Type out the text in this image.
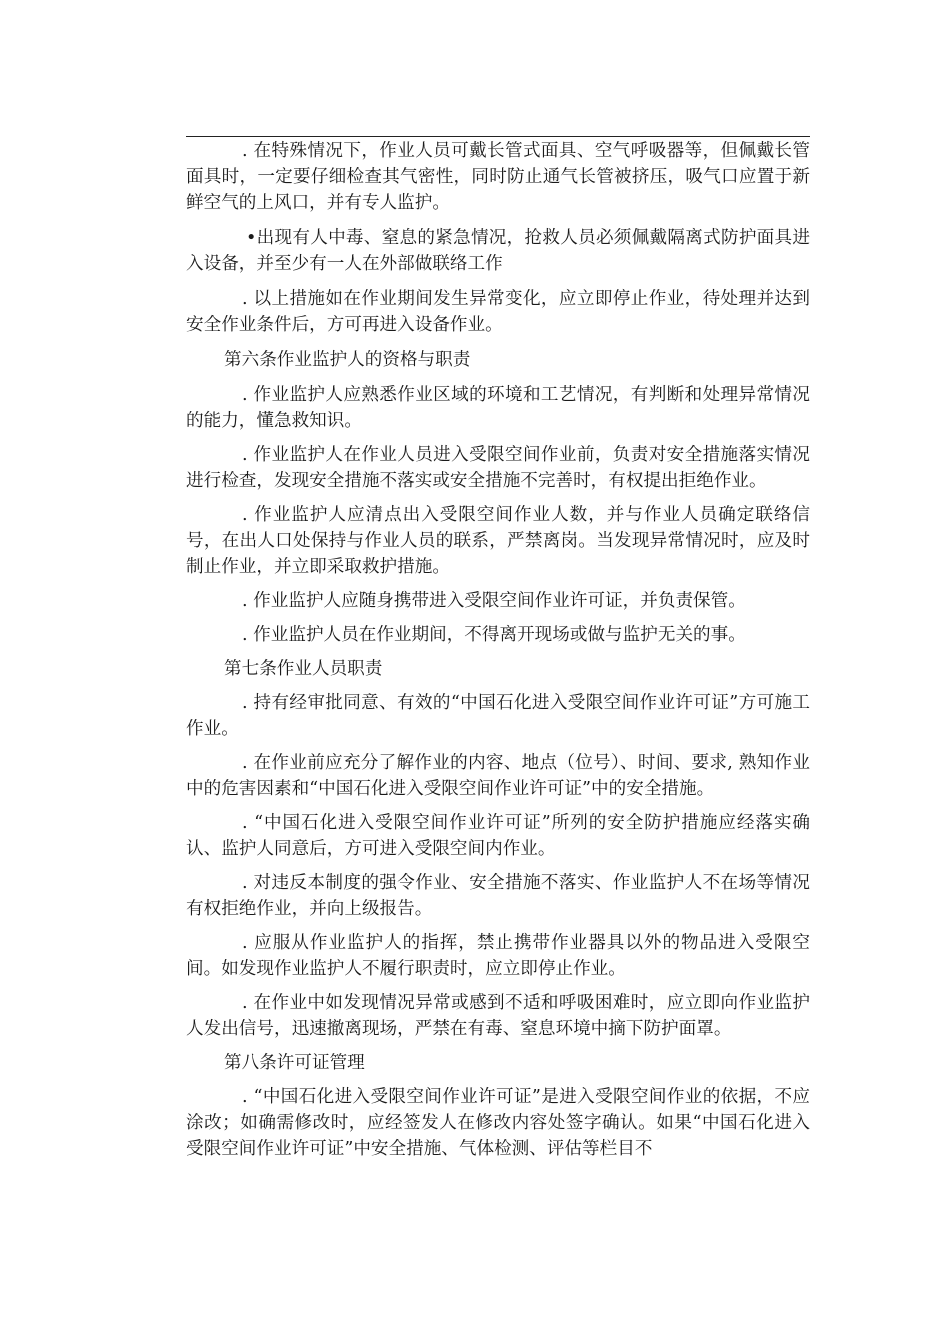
. 在特殊情况下，作业人员可戴长管式面具、空气呼吸器等，但佩戴长管面具时，一定要仔细检查其气密性，同时防止通气长管被挤压，吸气口应置于新鲜空气的上风口，并有专人监护。

•出现有人中毒、窒息的紧急情况，抢救人员必须佩戴隔离式防护面具进入设备，并至少有一人在外部做联络工作

. 以上措施如在作业期间发生异常变化，应立即停止作业，待处理并达到安全作业条件后，方可再进入设备作业。

第六条作业监护人的资格与职责

. 作业监护人应熟悉作业区域的环境和工艺情况，有判断和处理异常情况的能力，懂急救知识。

. 作业监护人在作业人员进入受限空间作业前，负责对安全措施落实情况进行检查，发现安全措施不落实或安全措施不完善时，有权提出拒绝作业。

. 作业监护人应清点出入受限空间作业人数，并与作业人员确定联络信号，在出人口处保持与作业人员的联系，严禁离岗。当发现异常情况时，应及时制止作业，并立即采取救护措施。

. 作业监护人应随身携带进入受限空间作业许可证，并负责保管。

. 作业监护人员在作业期间，不得离开现场或做与监护无关的事。

第七条作业人员职责

. 持有经审批同意、有效的“中国石化进入受限空间作业许可证”方可施工作业。

. 在作业前应充分了解作业的内容、地点（位号）、时间、要求, 熟知作业中的危害因素和“中国石化进入受限空间作业许可证”中的安全措施。

. “中国石化进入受限空间作业许可证”所列的安全防护措施应经落实确认、监护人同意后，方可进入受限空间内作业。

. 对违反本制度的强令作业、安全措施不落实、作业监护人不在场等情况有权拒绝作业，并向上级报告。

. 应服从作业监护人的指挥，禁止携带作业器具以外的物品进入受限空间。如发现作业监护人不履行职责时，应立即停止作业。

. 在作业中如发现情况异常或感到不适和呼吸困难时，应立即向作业监护人发出信号，迅速撤离现场，严禁在有毒、窒息环境中摘下防护面罩。

第八条许可证管理

. “中国石化进入受限空间作业许可证”是进入受限空间作业的依据，不应涂改；如确需修改时，应经签发人在修改内容处签字确认。如果“中国石化进入受限空间作业许可证”中安全措施、气体检测、评估等栏目不
